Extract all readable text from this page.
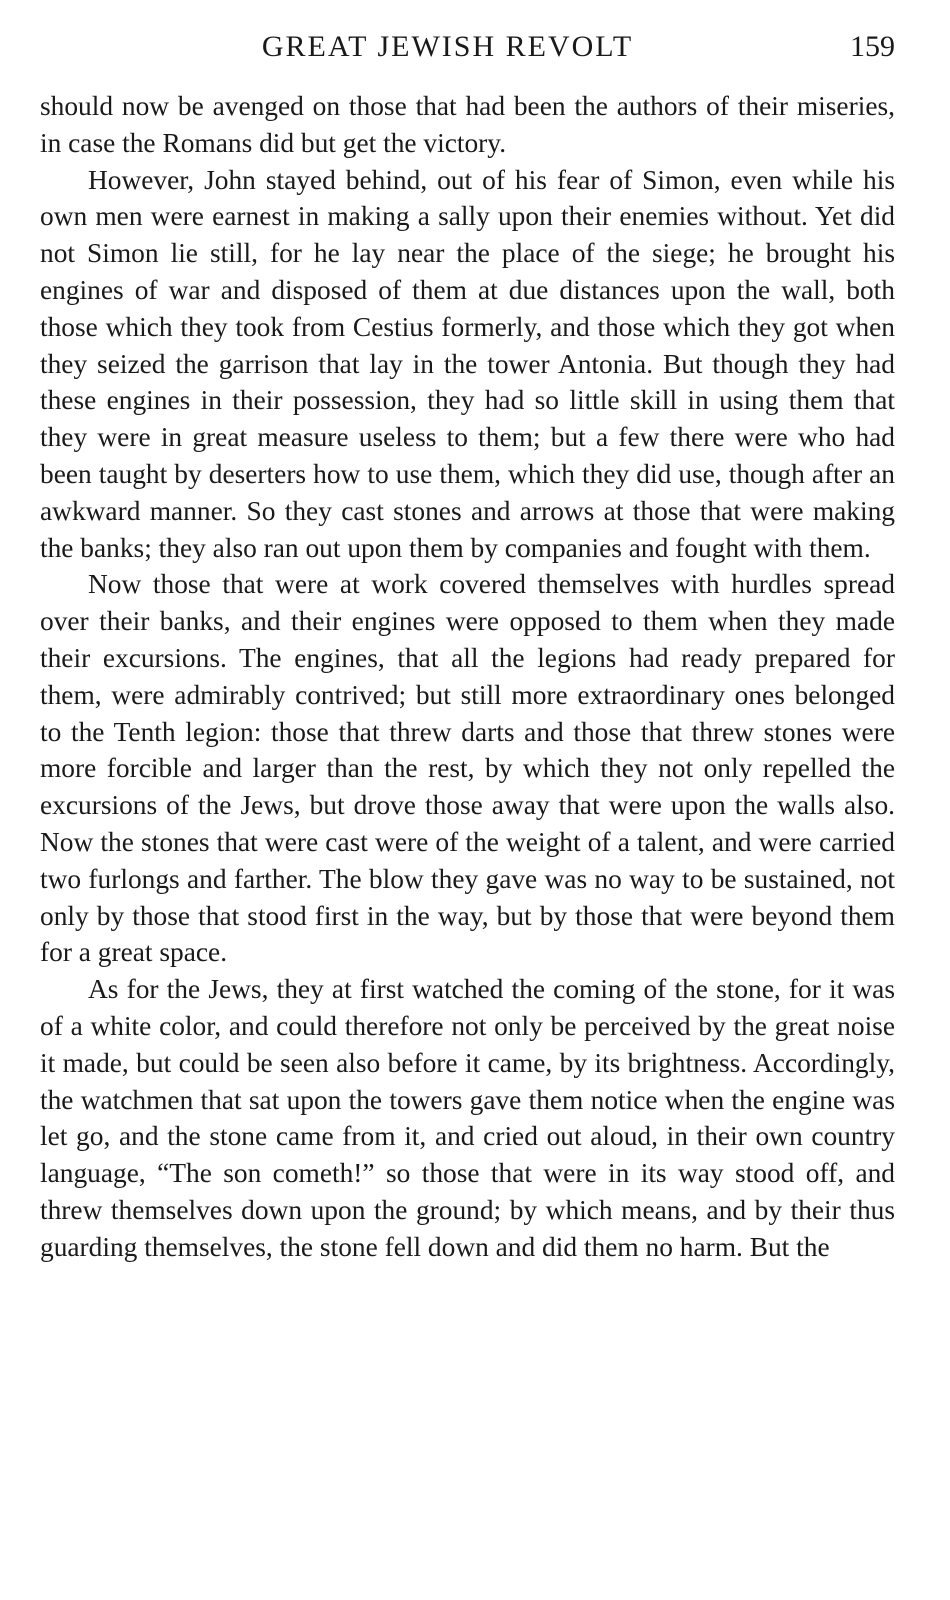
GREAT JEWISH REVOLT	159

should now be avenged on those that had been the authors of their miseries, in case the Romans did but get the victory.

However, John stayed behind, out of his fear of Simon, even while his own men were earnest in making a sally upon their enemies without. Yet did not Simon lie still, for he lay near the place of the siege; he brought his engines of war and disposed of them at due distances upon the wall, both those which they took from Cestius formerly, and those which they got when they seized the garrison that lay in the tower Antonia. But though they had these engines in their possession, they had so little skill in using them that they were in great measure useless to them; but a few there were who had been taught by deserters how to use them, which they did use, though after an awkward manner. So they cast stones and arrows at those that were making the banks; they also ran out upon them by companies and fought with them.

Now those that were at work covered themselves with hurdles spread over their banks, and their engines were opposed to them when they made their excursions. The engines, that all the legions had ready prepared for them, were admirably contrived; but still more extraordinary ones belonged to the Tenth legion: those that threw darts and those that threw stones were more forcible and larger than the rest, by which they not only repelled the excursions of the Jews, but drove those away that were upon the walls also. Now the stones that were cast were of the weight of a talent, and were carried two furlongs and farther. The blow they gave was no way to be sustained, not only by those that stood first in the way, but by those that were beyond them for a great space.

As for the Jews, they at first watched the coming of the stone, for it was of a white color, and could therefore not only be perceived by the great noise it made, but could be seen also before it came, by its brightness. Accordingly, the watchmen that sat upon the towers gave them notice when the engine was let go, and the stone came from it, and cried out aloud, in their own country language, “The son cometh!” so those that were in its way stood off, and threw themselves down upon the ground; by which means, and by their thus guarding themselves, the stone fell down and did them no harm. But the
